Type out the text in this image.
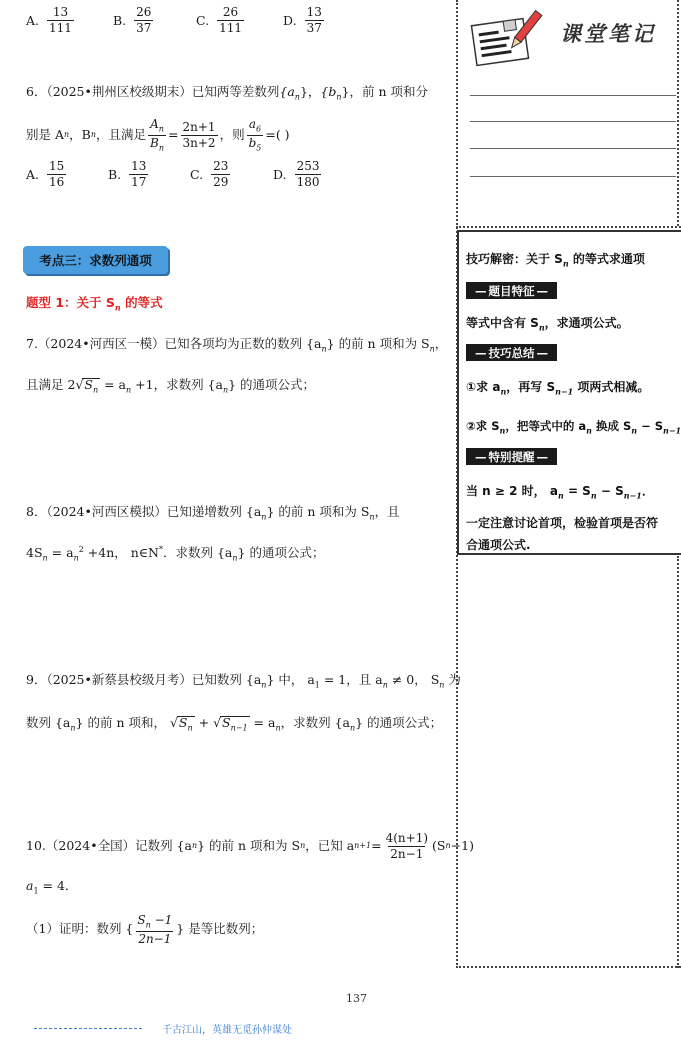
A. $\frac{13}{111}$	B. $\frac{26}{37}$	C. $\frac{26}{111}$	D. $\frac{13}{37}$
6．（2025•荆州区校级期末）已知两等差数列$\{a_n\}$，$\{b_n\}$，前 n 项和分
别是 A n ，B n ，且满足 $\frac{A_n}{B_n} = \frac{2n+1}{3n+2}$ ，则 $\frac{a_6}{b_5}$ =( )
A. $\frac{15}{16}$	B. $\frac{13}{17}$	C. $\frac{23}{29}$	D. $\frac{253}{180}$
考点三：求数列通项
题型 1：关于 $S_n$ 的等式
7.（2024•河西区一模）已知各项均为正数的数列 $\{a_n\}$ 的前 n 项和为 $S_n$，
且满足 $2√S_n = a_n +1$，求数列 $\{a_n\}$ 的通项公式；
8．（2024•河西区模拟）已知递增数列 $\{a_n\}$ 的前 n 项和为 $S_n$，且
$4S_n = a_n^2 +4n$， n∈N*．求数列 $\{a_n\}$ 的通项公式；
9．（2025•新蔡县校级月考）已知数列 $\{a_n\}$ 中， $a_1 = 1$，且 $a_n \ne 0$， $S_n$ 为
数列 $\{a_n\}$ 的前 n 项和， $√S_n + √S_{n-1} = a_n$，求数列 $\{a_n\}$ 的通项公式；
10.（2024•全国）记数列 {a n } 的前 n 项和为 S n ，已知 a $n+1 = \frac{4(n+1)}{2n-1} (S$ n −1)
$a_1 = 4$．
（1）证明：数列 { $\frac{S_n -1}{2n-1}$ } 是等比数列；
课堂笔记
技巧解密：关于 $S_n$ 的等式求通项
— 题目特征 —
等式中含有 $S_n$，求通项公式。
— 技巧总结 —
①求 $a_n$，再写 $S_{n-1}$ 项两式相减。
②求 $S_n$，把等式中的 $a_n$ 换成 $S_n - S_{n-1}$
— 特别提醒 —
当 n ≥ 2 时， $a_n = S_n - S_{n-1}$．
一定注意讨论首项，检验首项是否符
合通项公式.
137
千古江山，英雄无觅孙仲谋处
